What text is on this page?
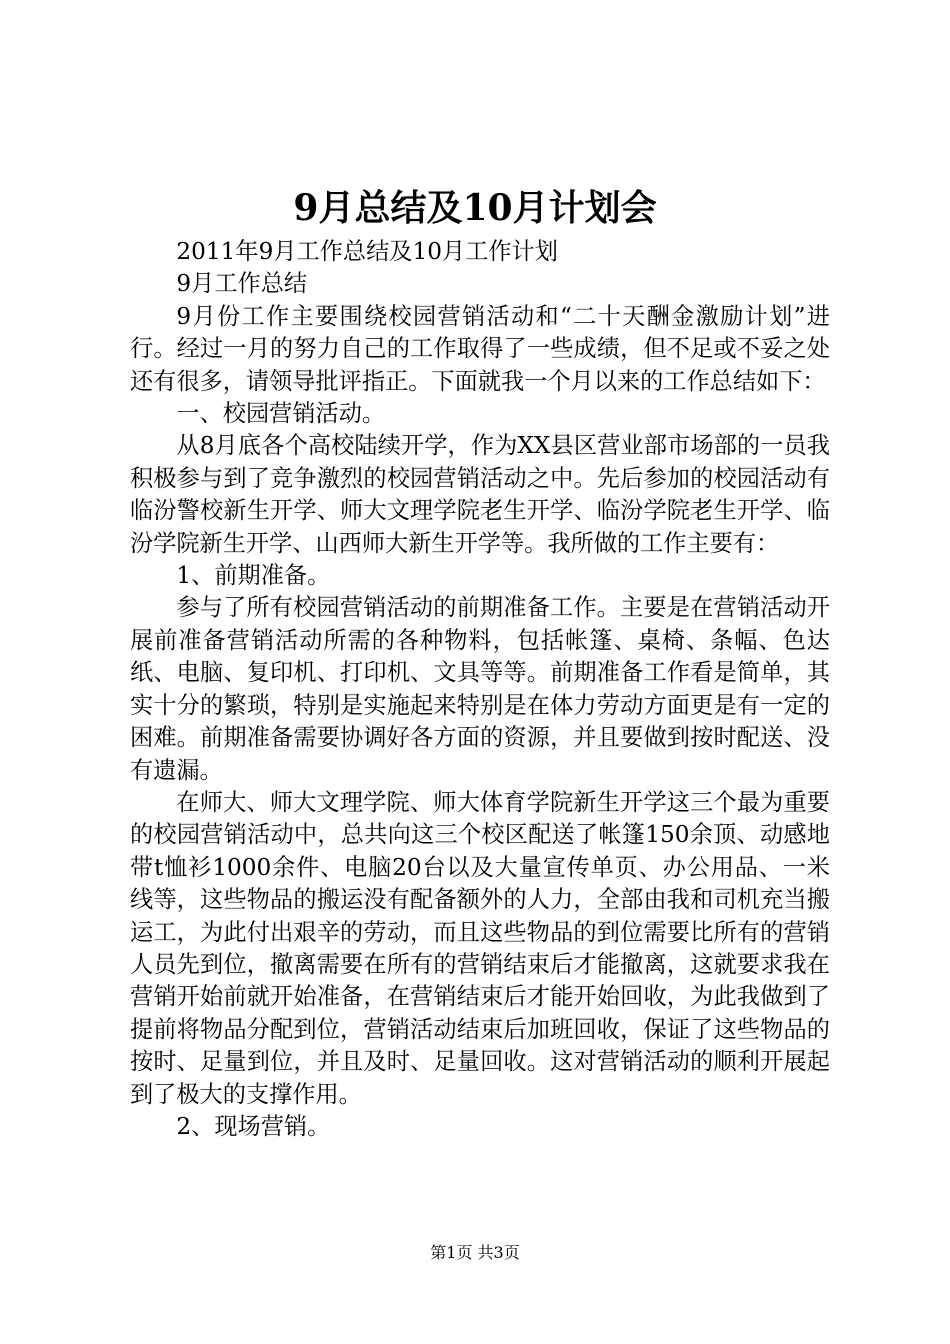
9月总结及10月计划会

2011年9月工作总结及10月工作计划

9月工作总结

9月份工作主要围绕校园营销活动和“二十天酬金激励计划”进行。经过一月的努力自己的工作取得了一些成绩，但不足或不妥之处还有很多，请领导批评指正。下面就我一个月以来的工作总结如下：

一、校园营销活动。

从8月底各个高校陆续开学，作为XX县区营业部市场部的一员我积极参与到了竞争激烈的校园营销活动之中。先后参加的校园活动有临汾警校新生开学、师大文理学院老生开学、临汾学院老生开学、临汾学院新生开学、山西师大新生开学等。我所做的工作主要有：

1、前期准备。

参与了所有校园营销活动的前期准备工作。主要是在营销活动开展前准备营销活动所需的各种物料，包括帐篷、桌椅、条幅、色达纸、电脑、复印机、打印机、文具等等。前期准备工作看是简单，其实十分的繁琐，特别是实施起来特别是在体力劳动方面更是有一定的困难。前期准备需要协调好各方面的资源，并且要做到按时配送、没有遗漏。

在师大、师大文理学院、师大体育学院新生开学这三个最为重要的校园营销活动中，总共向这三个校区配送了帐篷150余顶、动感地带t恤衫1000余件、电脑20台以及大量宣传单页、办公用品、一米线等，这些物品的搬运没有配备额外的人力，全部由我和司机充当搬运工，为此付出艰辛的劳动，而且这些物品的到位需要比所有的营销人员先到位，撤离需要在所有的营销结束后才能撤离，这就要求我在营销开始前就开始准备，在营销结束后才能开始回收，为此我做到了提前将物品分配到位，营销活动结束后加班回收，保证了这些物品的按时、足量到位，并且及时、足量回收。这对营销活动的顺利开展起到了极大的支撑作用。

2、现场营销。

第1页 共3页
